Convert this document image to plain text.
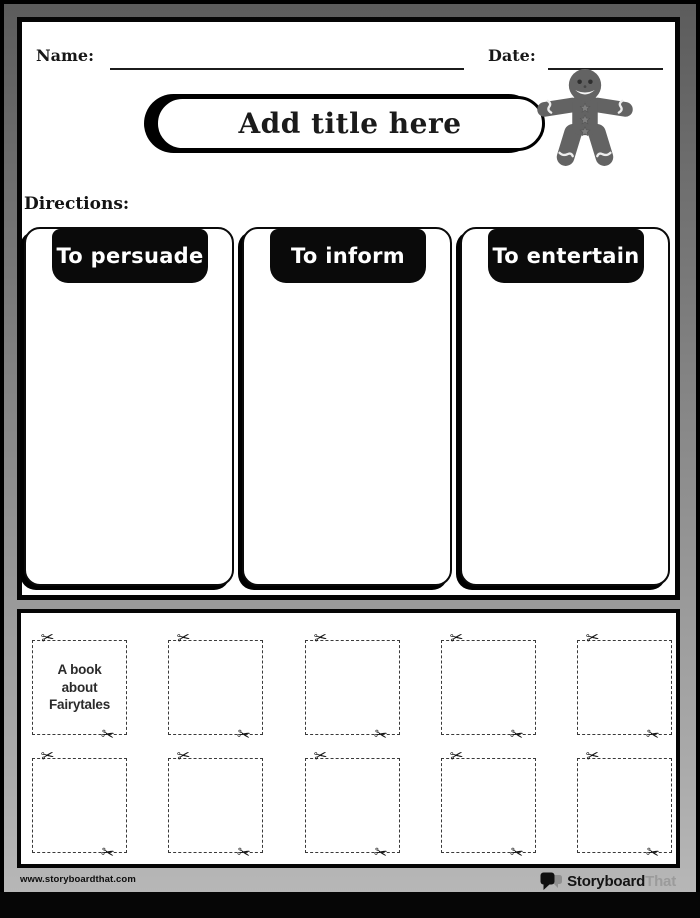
Name:	Date:
Add title here
Directions:
To persuade	To inform	To entertain
✂
✂
A book about Fairytales
✂
✂
✂
✂
✂
✂
✂
✂
✂
✂
✂
✂
✂
✂
✂
✂
✂
✂
www.storyboardthat.com	StoryboardThat
